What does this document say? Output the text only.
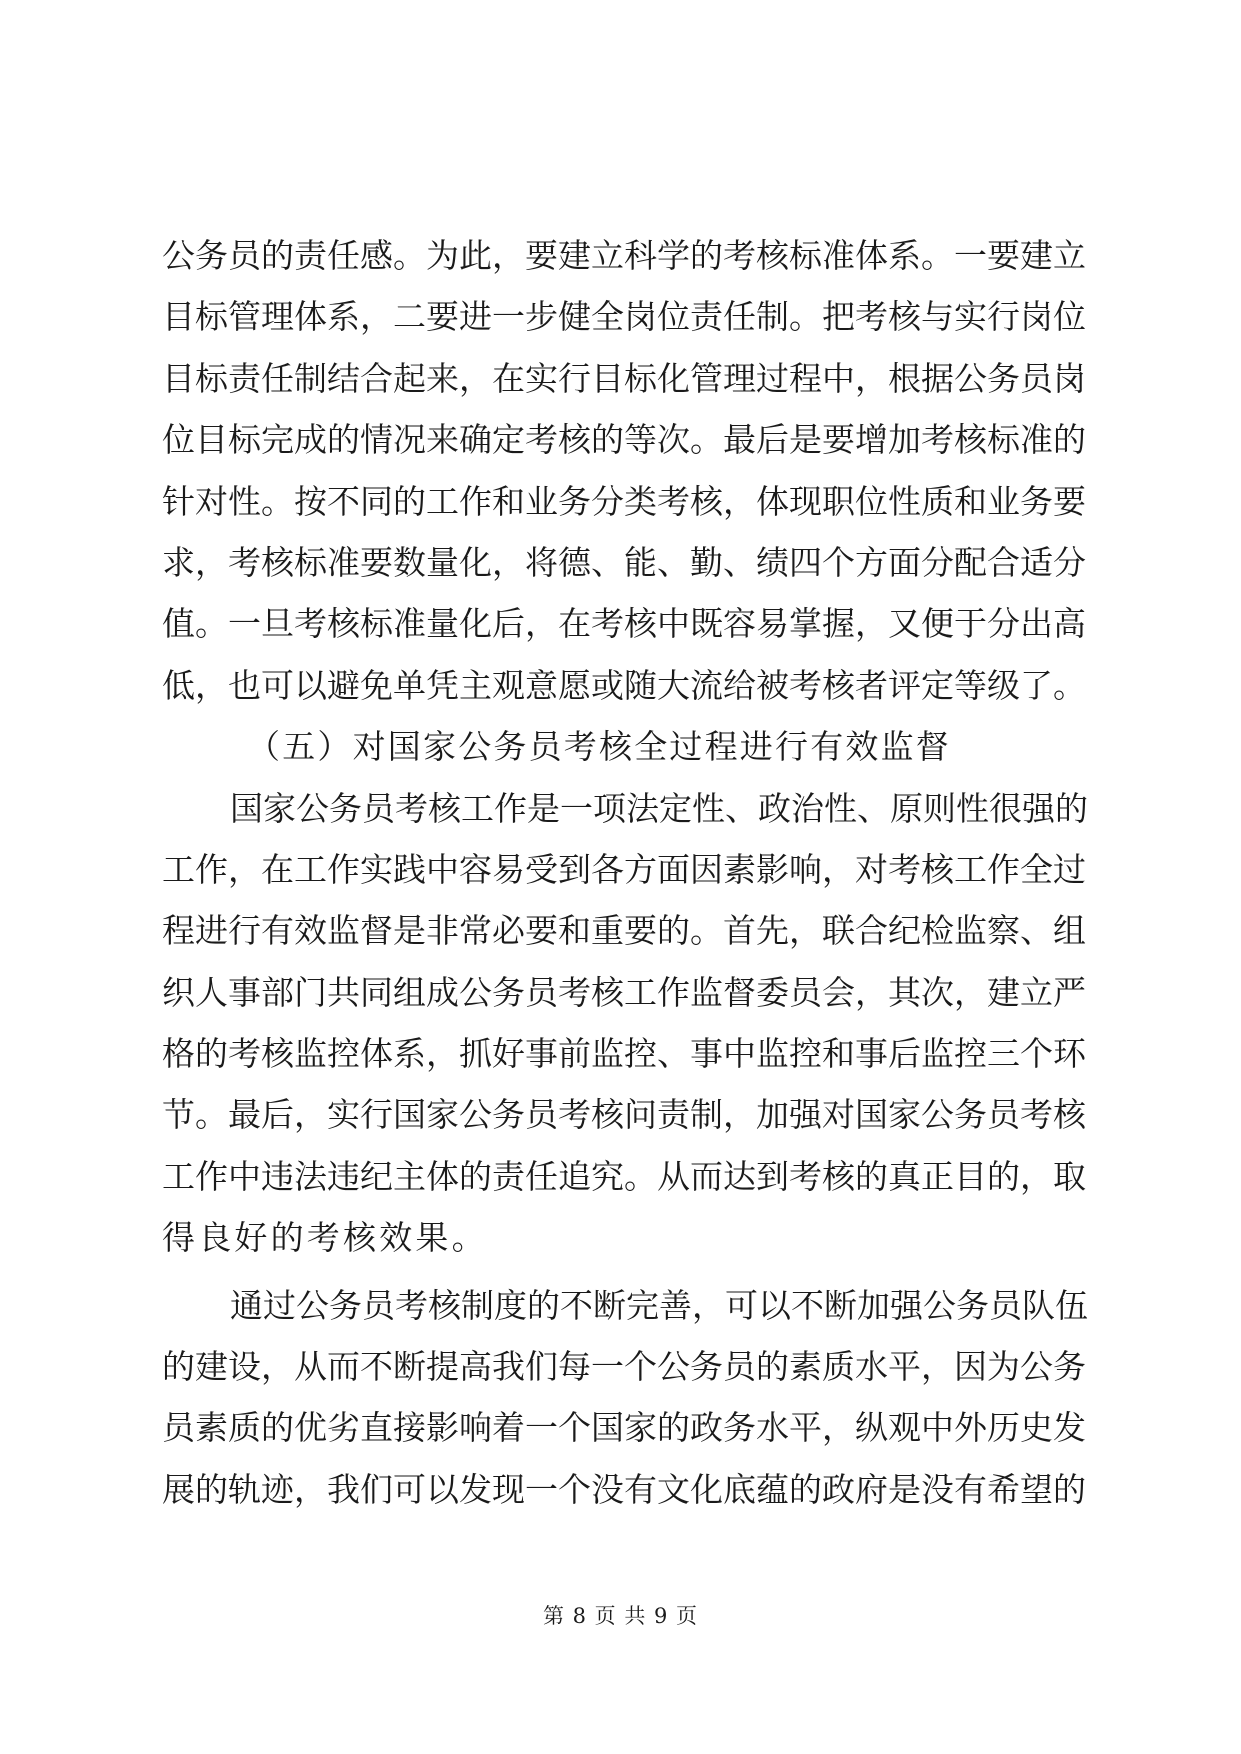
公务员的责任感。为此，要建立科学的考核标准体系。一要建立
目标管理体系，二要进一步健全岗位责任制。把考核与实行岗位
目标责任制结合起来，在实行目标化管理过程中，根据公务员岗
位目标完成的情况来确定考核的等次。最后是要增加考核标准的
针对性。按不同的工作和业务分类考核，体现职位性质和业务要
求，考核标准要数量化，将德、能、勤、绩四个方面分配合适分
值。一旦考核标准量化后，在考核中既容易掌握，又便于分出高
低，也可以避免单凭主观意愿或随大流给被考核者评定等级了。
（五）对国家公务员考核全过程进行有效监督
国家公务员考核工作是一项法定性、政治性、原则性很强的
工作，在工作实践中容易受到各方面因素影响，对考核工作全过
程进行有效监督是非常必要和重要的。首先，联合纪检监察、组
织人事部门共同组成公务员考核工作监督委员会，其次，建立严
格的考核监控体系，抓好事前监控、事中监控和事后监控三个环
节。最后，实行国家公务员考核问责制，加强对国家公务员考核
工作中违法违纪主体的责任追究。从而达到考核的真正目的，取
得良好的考核效果。
通过公务员考核制度的不断完善，可以不断加强公务员队伍
的建设，从而不断提高我们每一个公务员的素质水平，因为公务
员素质的优劣直接影响着一个国家的政务水平，纵观中外历史发
展的轨迹，我们可以发现一个没有文化底蕴的政府是没有希望的
第 8 页 共 9 页
